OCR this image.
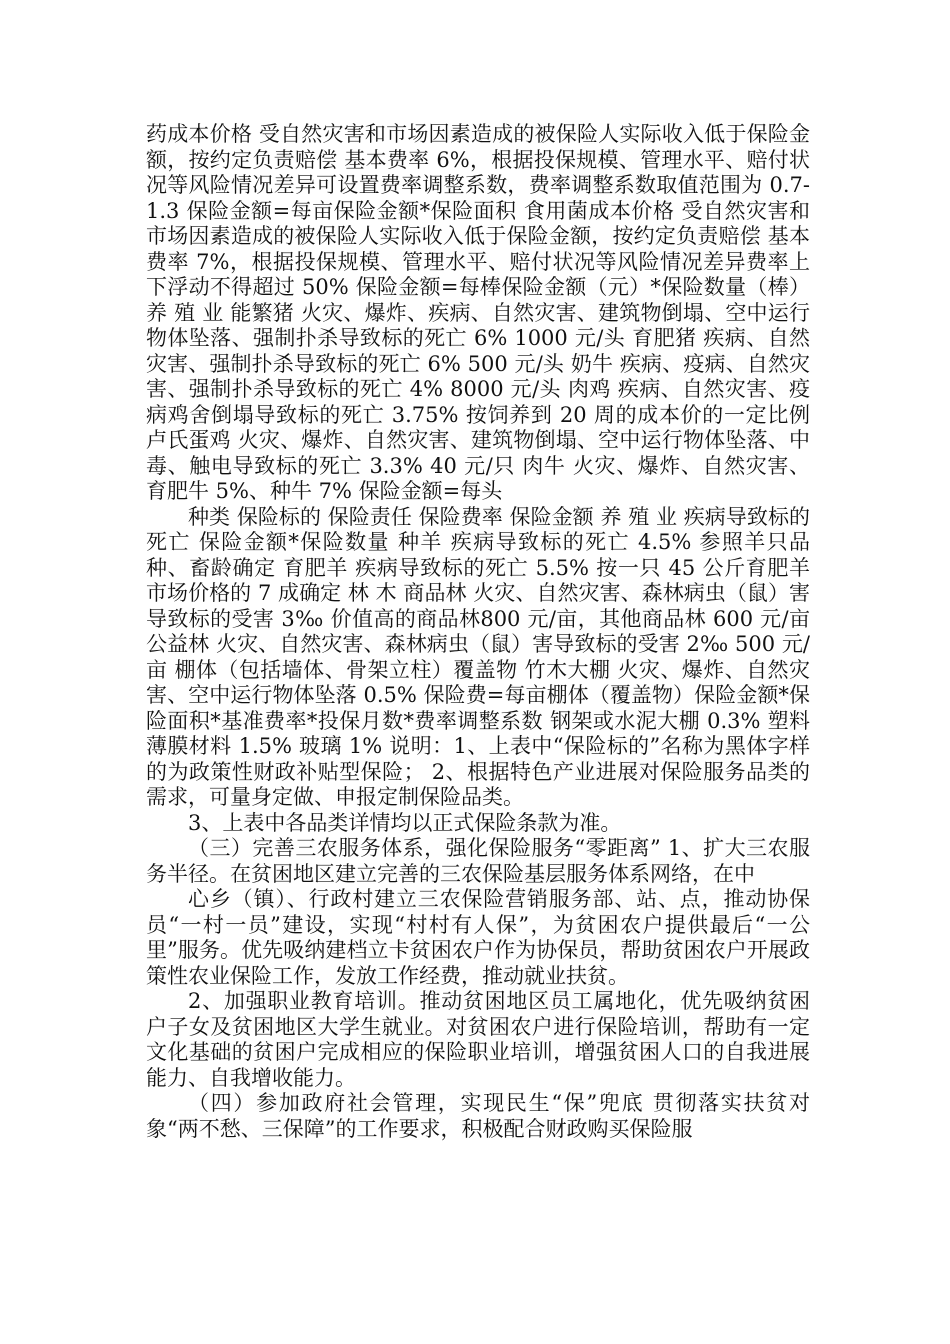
药成本价格 受自然灾害和市场因素造成的被保险人实际收入低于保险金额，按约定负责赔偿 基本费率 6%，根据投保规模、管理水平、赔付状况等风险情况差异可设置费率调整系数，费率调整系数取值范围为 0.7-1.3 保险金额=每亩保险金额*保险面积 食用菌成本价格 受自然灾害和市场因素造成的被保险人实际收入低于保险金额，按约定负责赔偿 基本费率 7%，根据投保规模、管理水平、赔付状况等风险情况差异费率上下浮动不得超过 50% 保险金额=每棒保险金额（元）*保险数量（棒） 养 殖 业 能繁猪 火灾、爆炸、疾病、自然灾害、建筑物倒塌、空中运行物体坠落、强制扑杀导致标的死亡 6% 1000 元/头 育肥猪 疾病、自然灾害、强制扑杀导致标的死亡 6% 500 元/头 奶牛 疾病、疫病、自然灾害、强制扑杀导致标的死亡 4% 8000 元/头 肉鸡 疾病、自然灾害、疫病鸡舍倒塌导致标的死亡 3.75% 按饲养到 20 周的成本价的一定比例 卢氏蛋鸡 火灾、爆炸、自然灾害、建筑物倒塌、空中运行物体坠落、中毒、触电导致标的死亡 3.3% 40 元/只 肉牛 火灾、爆炸、自然灾害、育肥牛 5%、种牛 7% 保险金额=每头

种类 保险标的 保险责任 保险费率 保险金额 养 殖 业 疾病导致标的死亡 保险金额*保险数量 种羊 疾病导致标的死亡 4.5% 参照羊只品种、畜龄确定 育肥羊 疾病导致标的死亡 5.5% 按一只 45 公斤育肥羊市场价格的 7 成确定 林 木 商品林 火灾、自然灾害、森林病虫（鼠）害导致标的受害 3‰ 价值高的商品林800 元/亩，其他商品林 600 元/亩 公益林 火灾、自然灾害、森林病虫（鼠）害导致标的受害 2‰ 500 元/亩 棚体（包括墙体、骨架立柱）覆盖物 竹木大棚 火灾、爆炸、自然灾害、空中运行物体坠落 0.5% 保险费=每亩棚体（覆盖物）保险金额*保险面积*基准费率*投保月数*费率调整系数 钢架或水泥大棚 0.3% 塑料薄膜材料 1.5% 玻璃 1% 说明：1、上表中“保险标的”名称为黑体字样的为政策性财政补贴型保险； 2、根据特色产业进展对保险服务品类的需求，可量身定做、申报定制保险品类。

3、上表中各品类详情均以正式保险条款为准。

（三）完善三农服务体系，强化保险服务“零距离” 1、扩大三农服务半径。在贫困地区建立完善的三农保险基层服务体系网络，在中

心乡（镇）、行政村建立三农保险营销服务部、站、点，推动协保员“一村一员”建设，实现“村村有人保”，为贫困农户提供最后“一公里”服务。优先吸纳建档立卡贫困农户作为协保员，帮助贫困农户开展政策性农业保险工作，发放工作经费，推动就业扶贫。

2、加强职业教育培训。推动贫困地区员工属地化，优先吸纳贫困户子女及贫困地区大学生就业。对贫困农户进行保险培训，帮助有一定文化基础的贫困户完成相应的保险职业培训，增强贫困人口的自我进展能力、自我增收能力。

（四）参加政府社会管理，实现民生“保”兜底 贯彻落实扶贫对象“两不愁、三保障”的工作要求，积极配合财政购买保险服
